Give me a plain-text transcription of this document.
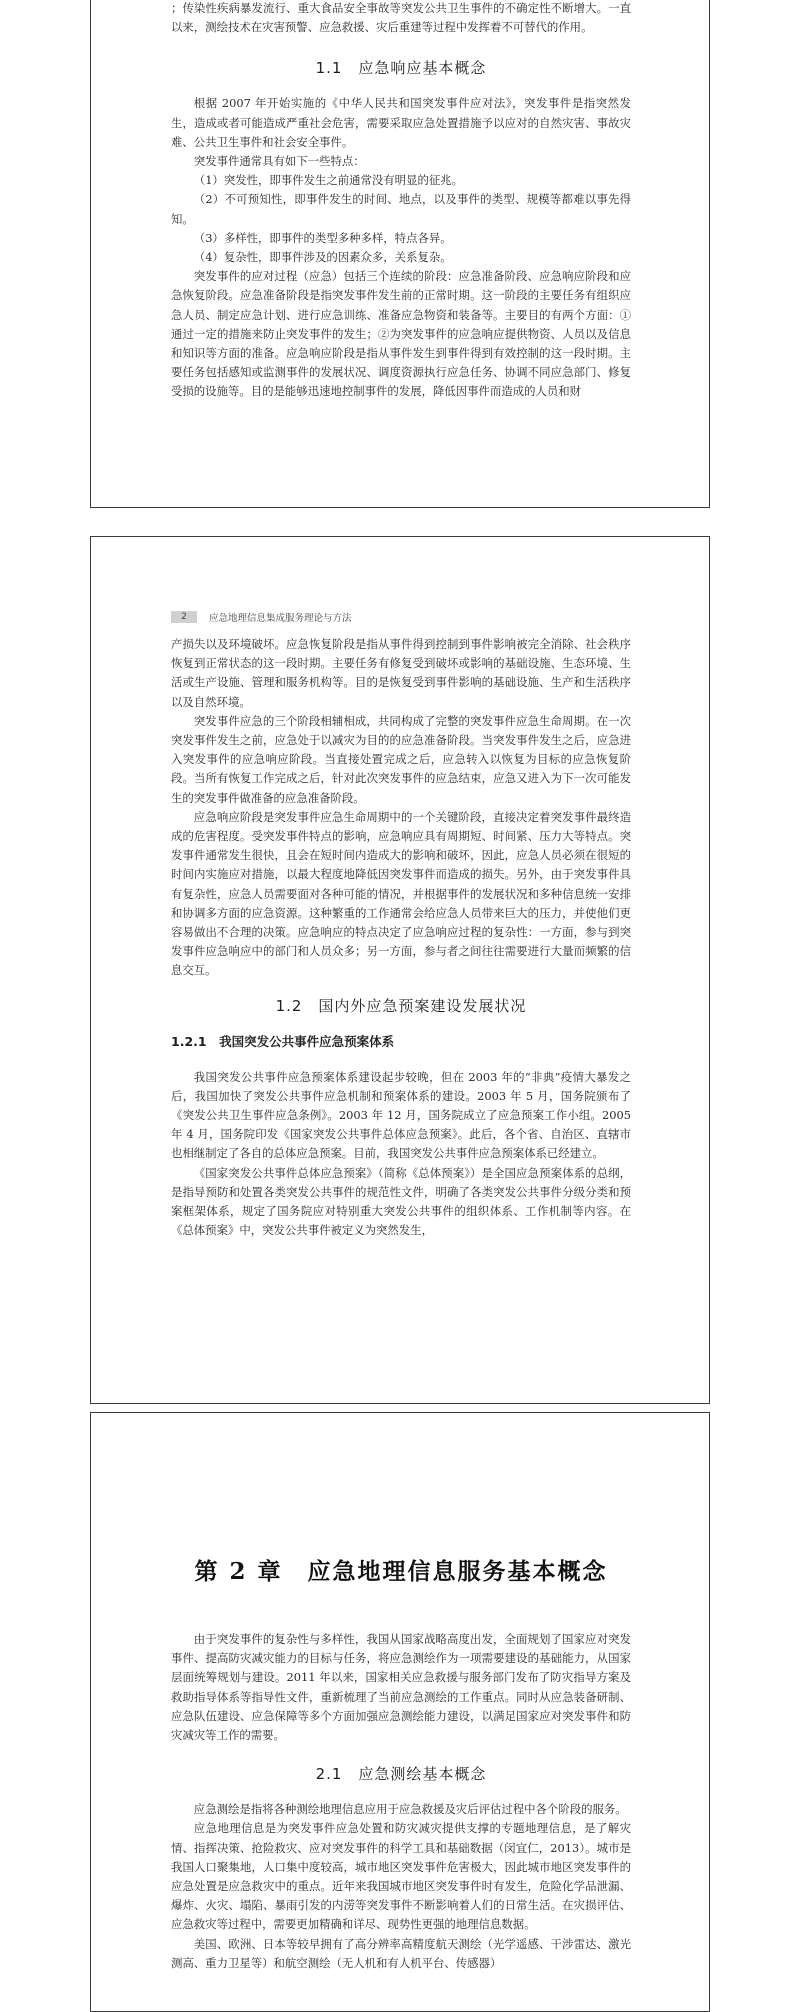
；传染性疾病暴发流行、重大食品安全事故等突发公共卫生事件的不确定性不断增大。一直以来，测绘技术在灾害预警、应急救援、灾后重建等过程中发挥着不可替代的作用。

1.1　应急响应基本概念

根据 2007 年开始实施的《中华人民共和国突发事件应对法》，突发事件是指突然发生，造成或者可能造成严重社会危害，需要采取应急处置措施予以应对的自然灾害、事故灾难、公共卫生事件和社会安全事件。

突发事件通常具有如下一些特点：

（1）突发性，即事件发生之前通常没有明显的征兆。

（2）不可预知性，即事件发生的时间、地点，以及事件的类型、规模等都难以事先得知。

（3）多样性，即事件的类型多种多样，特点各异。

（4）复杂性，即事件涉及的因素众多，关系复杂。

突发事件的应对过程（应急）包括三个连续的阶段：应急准备阶段、应急响应阶段和应急恢复阶段。应急准备阶段是指突发事件发生前的正常时期。这一阶段的主要任务有组织应急人员、制定应急计划、进行应急训练、准备应急物资和装备等。主要目的有两个方面：①通过一定的措施来防止突发事件的发生；②为突发事件的应急响应提供物资、人员以及信息和知识等方面的准备。应急响应阶段是指从事件发生到事件得到有效控制的这一段时期。主要任务包括感知或监测事件的发展状况、调度资源执行应急任务、协调不同应急部门、修复受损的设施等。目的是能够迅速地控制事件的发展，降低因事件而造成的人员和财

2	应急地理信息集成服务理论与方法

产损失以及环境破坏。应急恢复阶段是指从事件得到控制到事件影响被完全消除、社会秩序恢复到正常状态的这一段时期。主要任务有修复受到破坏或影响的基础设施、生态环境、生活或生产设施、管理和服务机构等。目的是恢复受到事件影响的基础设施、生产和生活秩序以及自然环境。

突发事件应急的三个阶段相辅相成，共同构成了完整的突发事件应急生命周期。在一次突发事件发生之前，应急处于以减灾为目的的应急准备阶段。当突发事件发生之后，应急进入突发事件的应急响应阶段。当直接处置完成之后，应急转入以恢复为目标的应急恢复阶段。当所有恢复工作完成之后，针对此次突发事件的应急结束，应急又进入为下一次可能发生的突发事件做准备的应急准备阶段。

应急响应阶段是突发事件应急生命周期中的一个关键阶段，直接决定着突发事件最终造成的危害程度。受突发事件特点的影响，应急响应具有周期短、时间紧、压力大等特点。突发事件通常发生很快，且会在短时间内造成大的影响和破坏，因此，应急人员必须在很短的时间内实施应对措施，以最大程度地降低因突发事件而造成的损失。另外，由于突发事件具有复杂性，应急人员需要面对各种可能的情况，并根据事件的发展状况和多种信息统一安排和协调多方面的应急资源。这种繁重的工作通常会给应急人员带来巨大的压力，并使他们更容易做出不合理的决策。应急响应的特点决定了应急响应过程的复杂性：一方面，参与到突发事件应急响应中的部门和人员众多；另一方面，参与者之间往往需要进行大量而频繁的信息交互。

1.2　国内外应急预案建设发展状况
1.2.1　我国突发公共事件应急预案体系

我国突发公共事件应急预案体系建设起步较晚，但在 2003 年的“非典”疫情大暴发之后，我国加快了突发公共事件应急机制和预案体系的建设。2003 年 5 月，国务院颁布了《突发公共卫生事件应急条例》。2003 年 12 月，国务院成立了应急预案工作小组。2005 年 4 月，国务院印发《国家突发公共事件总体应急预案》。此后，各个省、自治区、直辖市也相继制定了各自的总体应急预案。目前，我国突发公共事件应急预案体系已经建立。

《国家突发公共事件总体应急预案》（简称《总体预案》）是全国应急预案体系的总纲，是指导预防和处置各类突发公共事件的规范性文件，明确了各类突发公共事件分级分类和预案框架体系，规定了国务院应对特别重大突发公共事件的组织体系、工作机制等内容。在《总体预案》中，突发公共事件被定义为突然发生，

第 2 章　应急地理信息服务基本概念

由于突发事件的复杂性与多样性，我国从国家战略高度出发，全面规划了国家应对突发事件、提高防灾减灾能力的目标与任务，将应急测绘作为一项需要建设的基础能力，从国家层面统筹规划与建设。2011 年以来，国家相关应急救援与服务部门发布了防灾指导方案及救助指导体系等指导性文件，重新梳理了当前应急测绘的工作重点。同时从应急装备研制、应急队伍建设、应急保障等多个方面加强应急测绘能力建设，以满足国家应对突发事件和防灾减灾等工作的需要。

2.1　应急测绘基本概念

应急测绘是指将各种测绘地理信息应用于应急救援及灾后评估过程中各个阶段的服务。

应急地理信息是为突发事件应急处置和防灾减灾提供支撑的专题地理信息，是了解灾情、指挥决策、抢险救灾、应对突发事件的科学工具和基础数据（闵宜仁，2013）。城市是我国人口聚集地，人口集中度较高，城市地区突发事件危害极大，因此城市地区突发事件的应急处置是应急救灾中的重点。近年来我国城市地区突发事件时有发生，危险化学品泄漏、爆炸、火灾、塌陷、暴雨引发的内涝等突发事件不断影响着人们的日常生活。在灾损评估、应急救灾等过程中，需要更加精确和详尽、现势性更强的地理信息数据。

美国、欧洲、日本等较早拥有了高分辨率高精度航天测绘（光学遥感、干涉雷达、激光测高、重力卫星等）和航空测绘（无人机和有人机平台、传感器）
